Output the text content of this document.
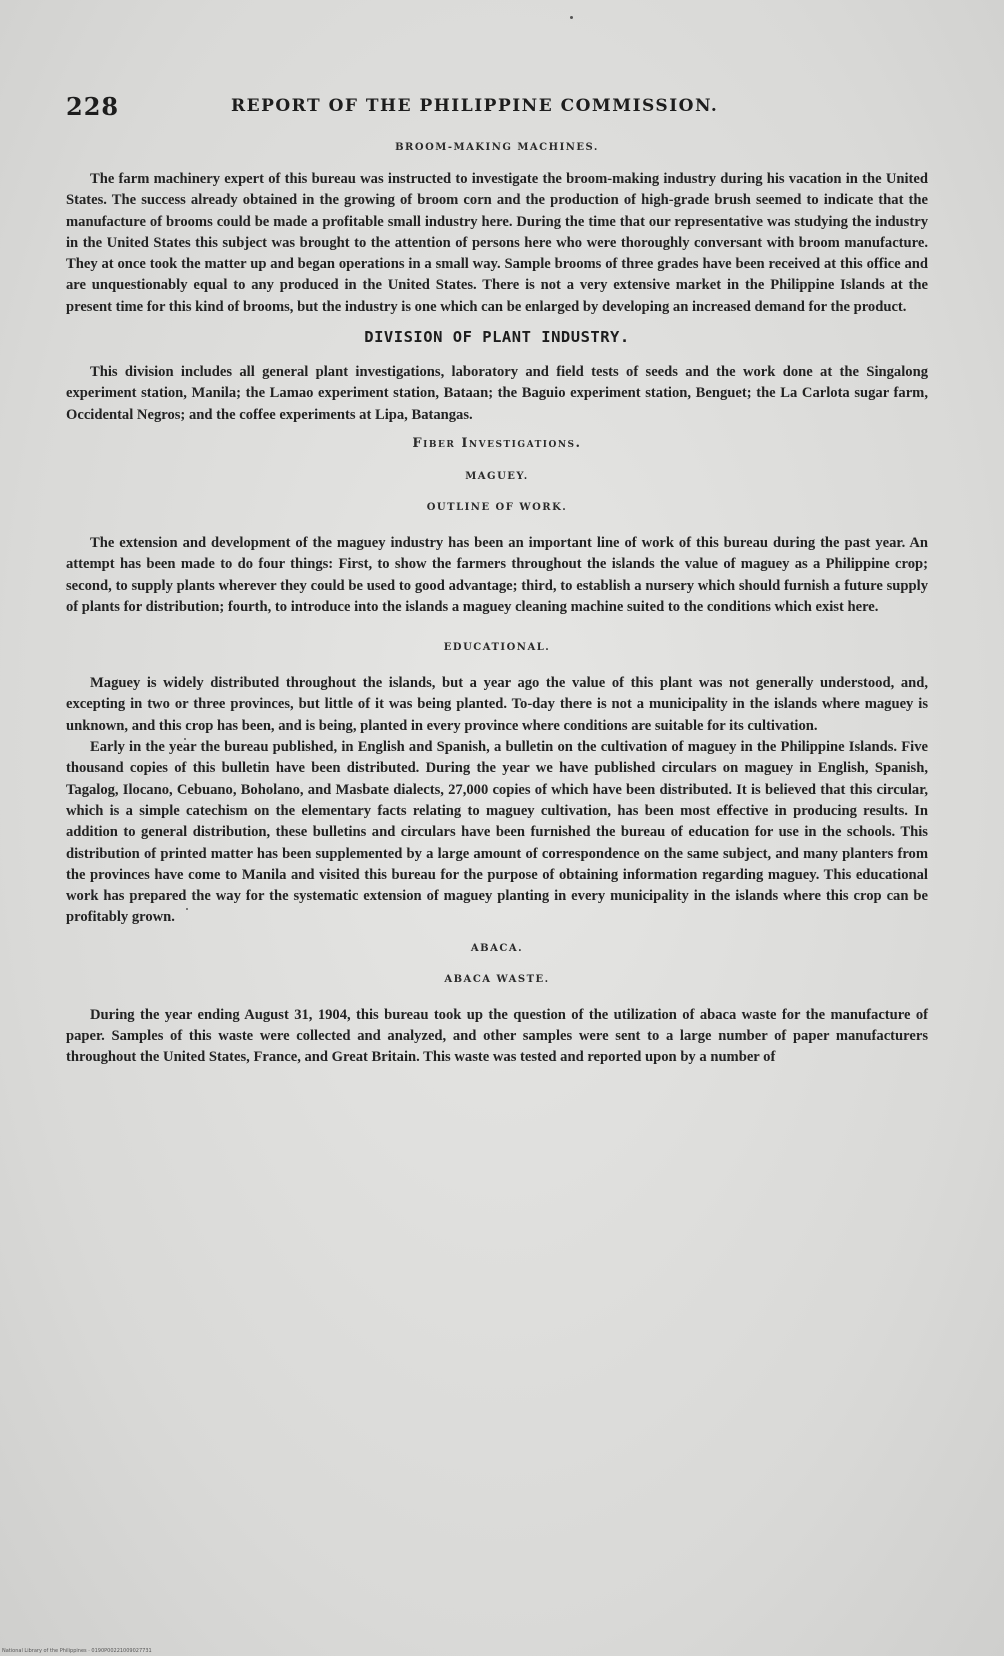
228	REPORT OF THE PHILIPPINE COMMISSION.
BROOM-MAKING MACHINES.

The farm machinery expert of this bureau was instructed to investigate the broom-making industry during his vacation in the United States. The success already obtained in the growing of broom corn and the production of high-grade brush seemed to indicate that the manufacture of brooms could be made a profitable small industry here. During the time that our representative was studying the industry in the United States this subject was brought to the attention of persons here who were thoroughly conversant with broom manufacture. They at once took the matter up and began operations in a small way. Sample brooms of three grades have been received at this office and are unquestionably equal to any produced in the United States. There is not a very extensive market in the Philippine Islands at the present time for this kind of brooms, but the industry is one which can be enlarged by developing an increased demand for the product.

DIVISION OF PLANT INDUSTRY.

This division includes all general plant investigations, laboratory and field tests of seeds and the work done at the Singalong experiment station, Manila; the Lamao experiment station, Bataan; the Baguio experiment station, Benguet; the La Carlota sugar farm, Occidental Negros; and the coffee experiments at Lipa, Batangas.

Fiber Investigations.
MAGUEY.
OUTLINE OF WORK.

The extension and development of the maguey industry has been an important line of work of this bureau during the past year. An attempt has been made to do four things: First, to show the farmers throughout the islands the value of maguey as a Philippine crop; second, to supply plants wherever they could be used to good advantage; third, to establish a nursery which should furnish a future supply of plants for distribution; fourth, to introduce into the islands a maguey cleaning machine suited to the conditions which exist here.

EDUCATIONAL.

Maguey is widely distributed throughout the islands, but a year ago the value of this plant was not generally understood, and, excepting in two or three provinces, but little of it was being planted. To-day there is not a municipality in the islands where maguey is unknown, and this crop has been, and is being, planted in every province where conditions are suitable for its cultivation.

Early in the year the bureau published, in English and Spanish, a bulletin on the cultivation of maguey in the Philippine Islands. Five thousand copies of this bulletin have been distributed. During the year we have published circulars on maguey in English, Spanish, Tagalog, Ilocano, Cebuano, Boholano, and Masbate dialects, 27,000 copies of which have been distributed. It is believed that this circular, which is a simple catechism on the elementary facts relating to maguey cultivation, has been most effective in producing results. In addition to general distribution, these bulletins and circulars have been furnished the bureau of education for use in the schools. This distribution of printed matter has been supplemented by a large amount of correspondence on the same subject, and many planters from the provinces have come to Manila and visited this bureau for the purpose of obtaining information regarding maguey. This educational work has prepared the way for the systematic extension of maguey planting in every municipality in the islands where this crop can be profitably grown.

ABACA.
ABACA WASTE.

During the year ending August 31, 1904, this bureau took up the question of the utilization of abaca waste for the manufacture of paper. Samples of this waste were collected and analyzed, and other samples were sent to a large number of paper manufacturers throughout the United States, France, and Great Britain. This waste was tested and reported upon by a number of

National Library of the Philippines · 0190P00221009027731
